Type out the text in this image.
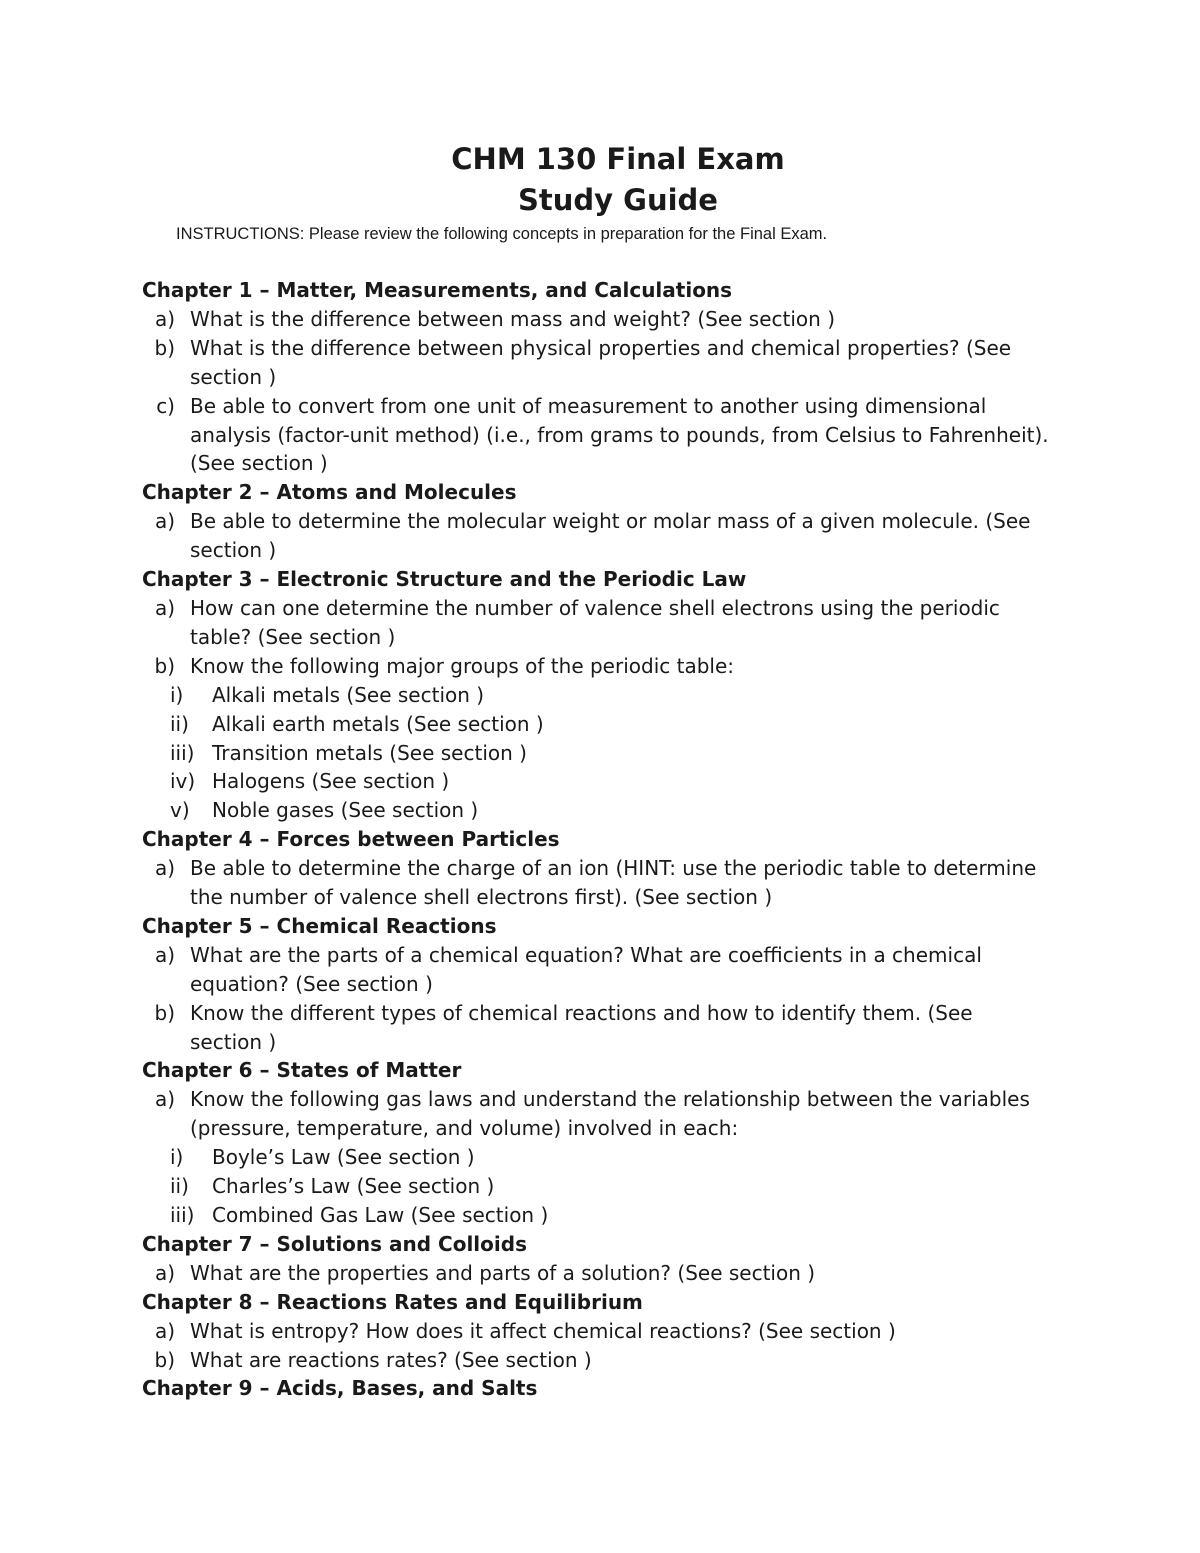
CHM 130 Final Exam
Study Guide
INSTRUCTIONS: Please review the following concepts in preparation for the Final Exam.
Chapter 1 – Matter, Measurements, and Calculations
a) What is the difference between mass and weight? (See section )
b) What is the difference between physical properties and chemical properties? (See section )
c) Be able to convert from one unit of measurement to another using dimensional analysis (factor-unit method) (i.e., from grams to pounds, from Celsius to Fahrenheit). (See section )
Chapter 2 – Atoms and Molecules
a) Be able to determine the molecular weight or molar mass of a given molecule. (See section )
Chapter 3 – Electronic Structure and the Periodic Law
a) How can one determine the number of valence shell electrons using the periodic table? (See section )
b) Know the following major groups of the periodic table:
i)	Alkali metals (See section )
ii)	Alkali earth metals (See section )
iii) Transition metals (See section )
iv) Halogens (See section )
v)	Noble gases (See section )
Chapter 4 – Forces between Particles
a) Be able to determine the charge of an ion (HINT: use the periodic table to determine the number of valence shell electrons first). (See section )
Chapter 5 – Chemical Reactions
a) What are the parts of a chemical equation? What are coefficients in a chemical equation? (See section )
b) Know the different types of chemical reactions and how to identify them. (See section )
Chapter 6 – States of Matter
a) Know the following gas laws and understand the relationship between the variables (pressure, temperature, and volume) involved in each:
i)	Boyle’s Law (See section )
ii)	Charles’s Law (See section )
iii) Combined Gas Law (See section )
Chapter 7 – Solutions and Colloids
a) What are the properties and parts of a solution? (See section )
Chapter 8 – Reactions Rates and Equilibrium
a) What is entropy? How does it affect chemical reactions? (See section )
b) What are reactions rates? (See section )
Chapter 9 – Acids, Bases, and Salts
